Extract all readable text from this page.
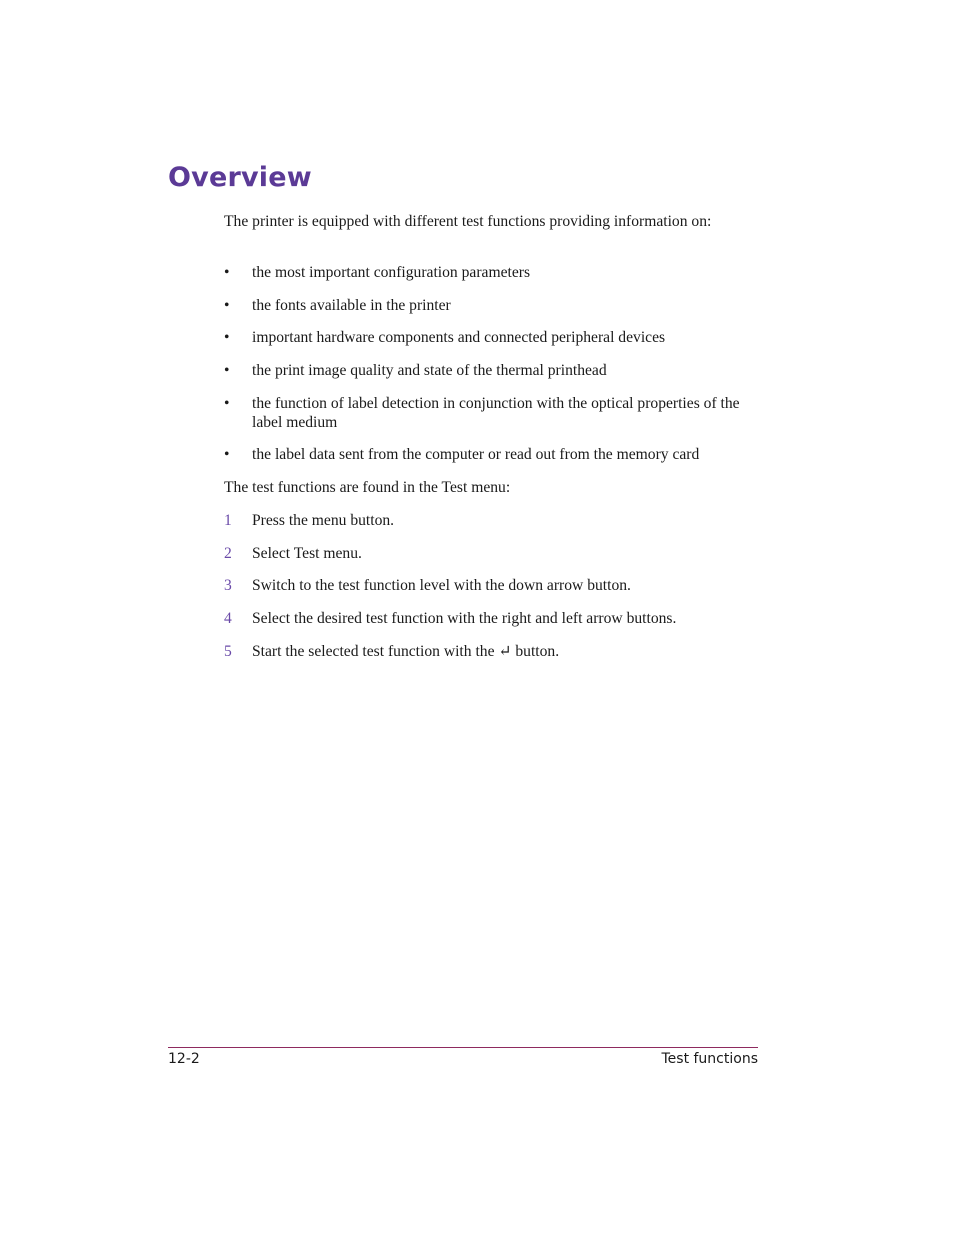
Overview

The printer is equipped with different test functions providing information on:

•	the most important configuration parameters
•	the fonts available in the printer
•	important hardware components and connected peripheral devices
•	the print image quality and state of the thermal printhead
•	the function of label detection in conjunction with the optical properties of the label medium
•	the label data sent from the computer or read out from the memory card

The test functions are found in the Test menu:

1	Press the menu button.
2	Select Test menu.
3	Switch to the test function level with the down arrow button.
4	Select the desired test function with the right and left arrow buttons.
5	Start the selected test function with the ↵ button.
12-2	Test functions
